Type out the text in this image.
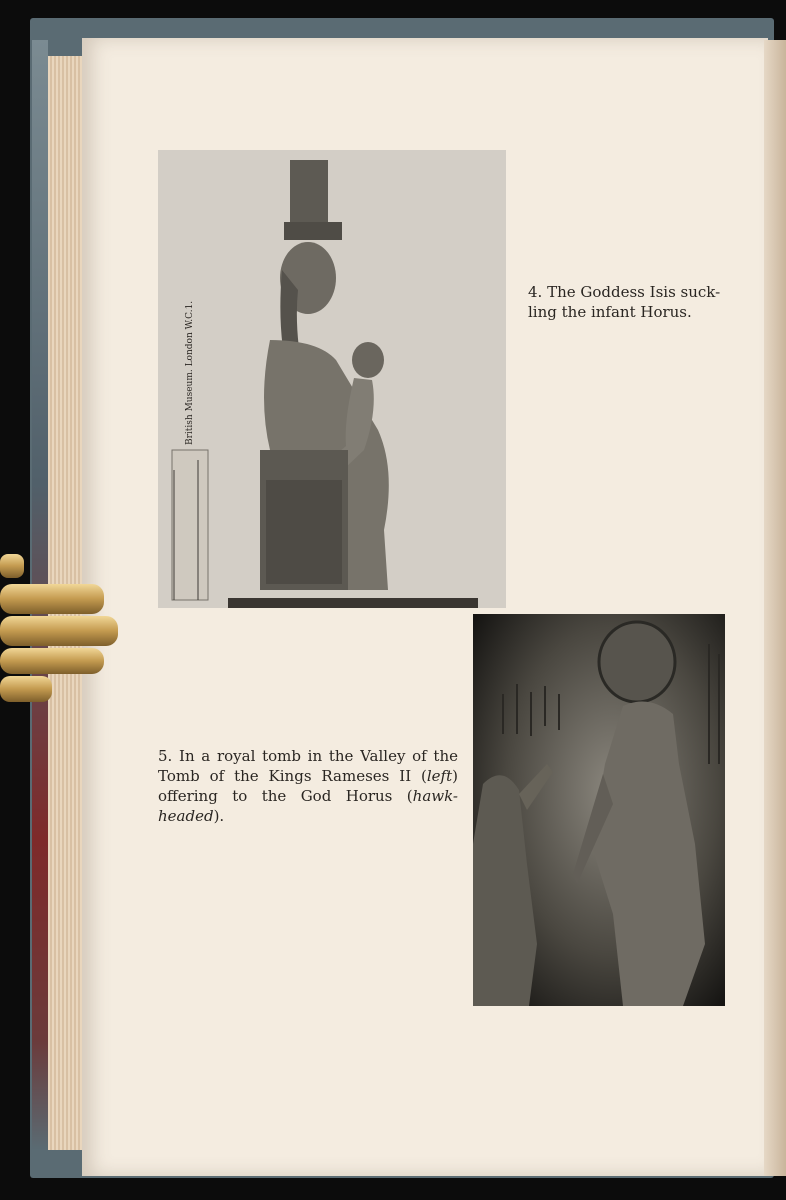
British Museum. London W.C.1.
4. The Goddess Isis suck-ling the infant Horus.
5. In a royal tomb in the Valley of the Tomb of the Kings Rameses II (left) offering to the God Horus (hawk-headed).
